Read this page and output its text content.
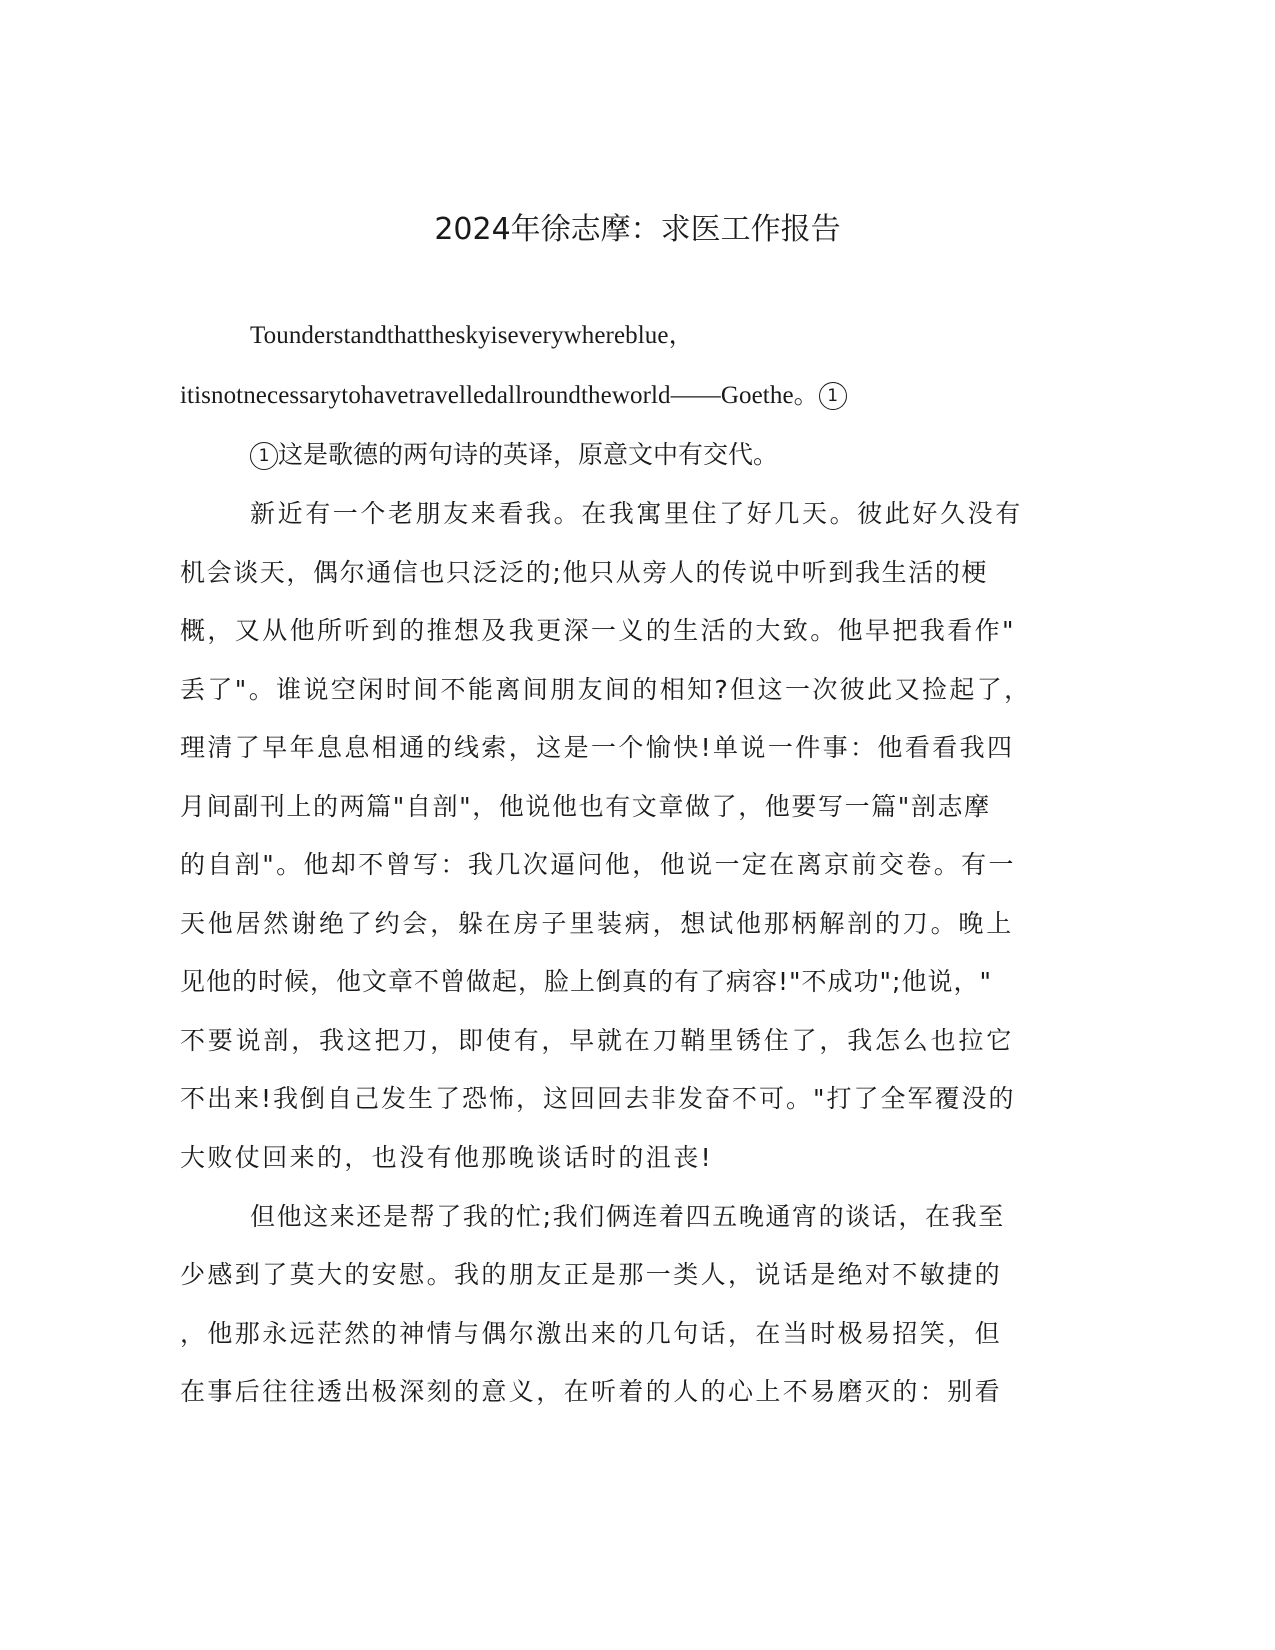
2024年徐志摩：求医工作报告

Tounderstandthattheskyiseverywhereblue，

itisnotnecessarytohavetravelledallroundtheworld——Goethe。 1

1 这是歌德的两句诗的英译，原意文中有交代。

新近有一个老朋友来看我。在我寓里住了好几天。彼此好久没有

机会谈天，偶尔通信也只泛泛的;他只从旁人的传说中听到我生活的梗

概，又从他所听到的推想及我更深一义的生活的大致。他早把我看作"

丢了"。谁说空闲时间不能离间朋友间的相知?但这一次彼此又捡起了，

理清了早年息息相通的线索，这是一个愉快!单说一件事：他看看我四

月间副刊上的两篇"自剖"，他说他也有文章做了，他要写一篇"剖志摩

的自剖"。他却不曾写：我几次逼问他，他说一定在离京前交卷。有一

天他居然谢绝了约会，躲在房子里装病，想试他那柄解剖的刀。晚上

见他的时候，他文章不曾做起，脸上倒真的有了病容!"不成功";他说，"

不要说剖，我这把刀，即使有，早就在刀鞘里锈住了，我怎么也拉它

不出来!我倒自己发生了恐怖，这回回去非发奋不可。"打了全军覆没的

大败仗回来的，也没有他那晚谈话时的沮丧!

但他这来还是帮了我的忙;我们俩连着四五晚通宵的谈话，在我至

少感到了莫大的安慰。我的朋友正是那一类人，说话是绝对不敏捷的

，他那永远茫然的神情与偶尔激出来的几句话，在当时极易招笑，但

在事后往往透出极深刻的意义，在听着的人的心上不易磨灭的：别看
